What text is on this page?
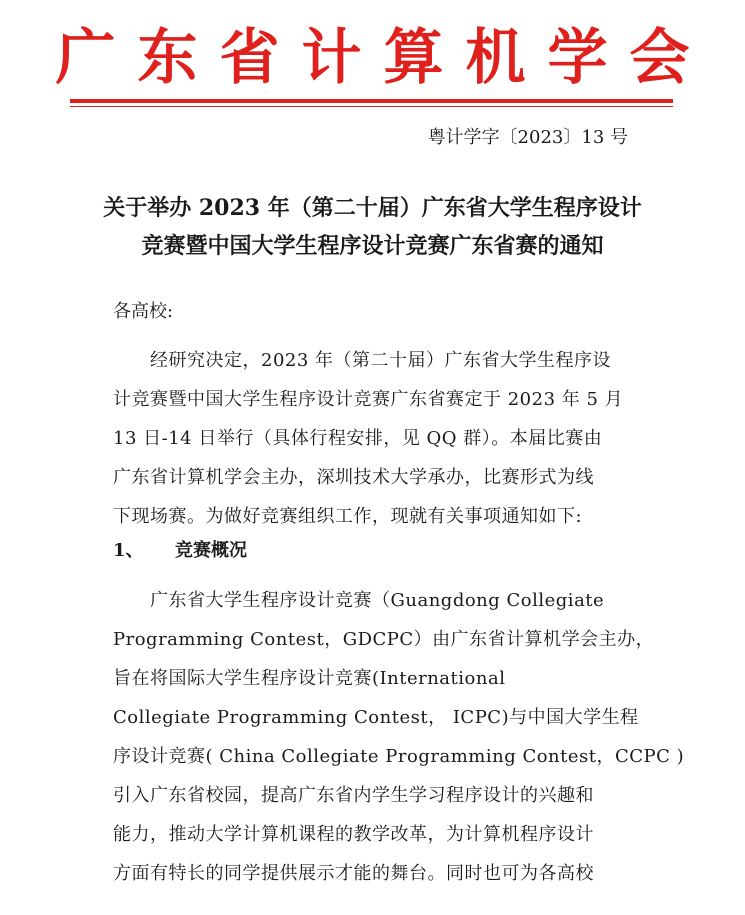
广东省计算机学会
粤计学字〔2023〕13 号
关于举办 2023 年（第二十届）广东省大学生程序设计
竞赛暨中国大学生程序设计竞赛广东省赛的通知
各高校:
　　经研究决定，2023 年（第二十届）广东省大学生程序设
计竞赛暨中国大学生程序设计竞赛广东省赛定于 2023 年 5 月
13 日-14 日举行（具体行程安排，见 QQ 群）。本届比赛由
广东省计算机学会主办，深圳技术大学承办，比赛形式为线
下现场赛。为做好竞赛组织工作，现就有关事项通知如下:
1、 竞赛概况
　　广东省大学生程序设计竞赛（Guangdong Collegiate
Programming Contest，GDCPC）由广东省计算机学会主办，
旨在将国际大学生程序设计竞赛(International
Collegiate Programming Contest， ICPC)与中国大学生程
序设计竞赛( China Collegiate Programming Contest，CCPC )
引入广东省校园，提高广东省内学生学习程序设计的兴趣和
能力，推动大学计算机课程的教学改革，为计算机程序设计
方面有特长的同学提供展示才能的舞台。同时也可为各高校
